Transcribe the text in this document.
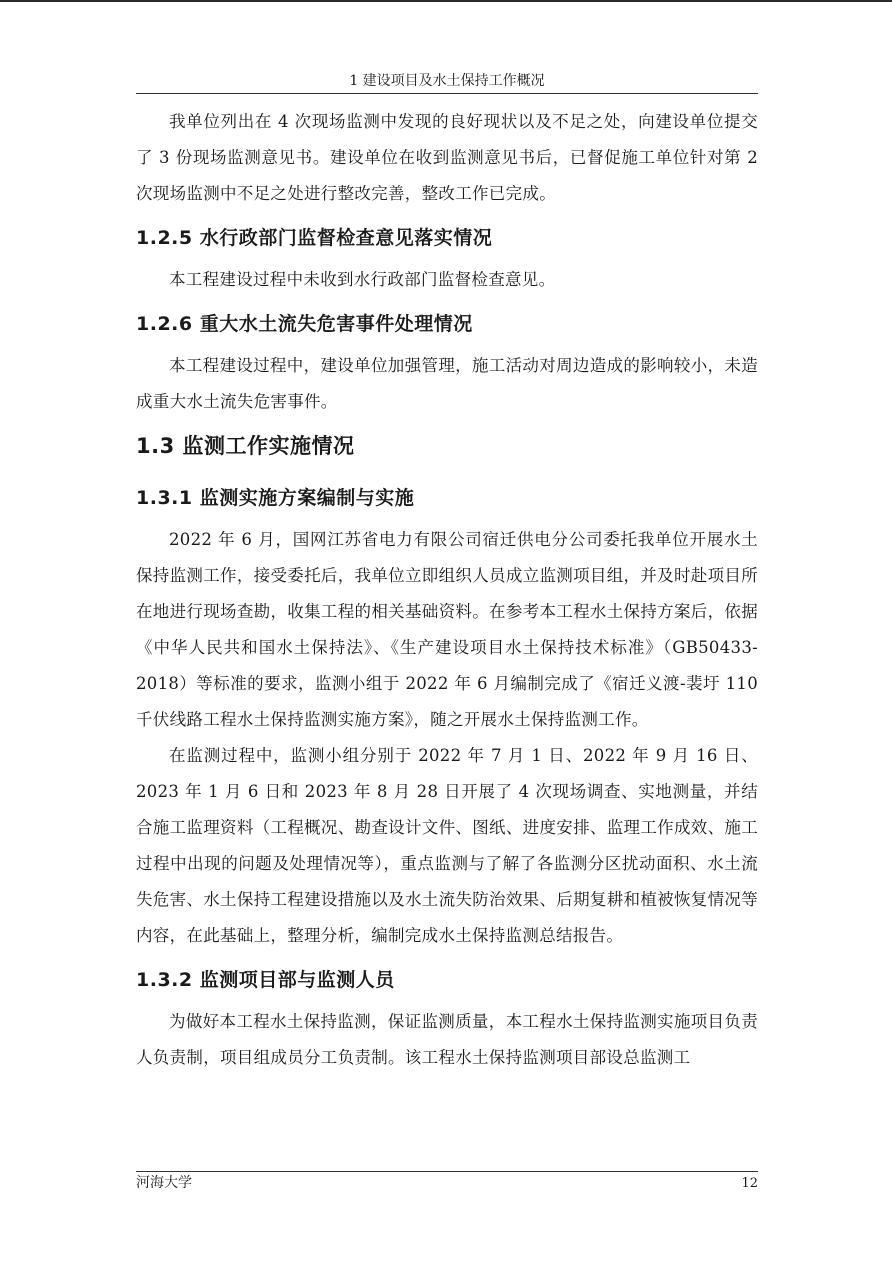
1 建设项目及水土保持工作概况

我单位列出在 4 次现场监测中发现的良好现状以及不足之处，向建设单位提交了 3 份现场监测意见书。建设单位在收到监测意见书后，已督促施工单位针对第 2 次现场监测中不足之处进行整改完善，整改工作已完成。

1.2.5 水行政部门监督检查意见落实情况

本工程建设过程中未收到水行政部门监督检查意见。

1.2.6 重大水土流失危害事件处理情况

本工程建设过程中，建设单位加强管理，施工活动对周边造成的影响较小，未造成重大水土流失危害事件。

1.3 监测工作实施情况
1.3.1 监测实施方案编制与实施

2022 年 6 月，国网江苏省电力有限公司宿迁供电分公司委托我单位开展水土保持监测工作，接受委托后，我单位立即组织人员成立监测项目组，并及时赴项目所在地进行现场查勘，收集工程的相关基础资料。在参考本工程水土保持方案后，依据《中华人民共和国水土保持法》、《生产建设项目水土保持技术标准》（GB50433-2018）等标准的要求，监测小组于 2022 年 6 月编制完成了《宿迁义渡-裴圩 110 千伏线路工程水土保持监测实施方案》，随之开展水土保持监测工作。

在监测过程中，监测小组分别于 2022 年 7 月 1 日、2022 年 9 月 16 日、2023 年 1 月 6 日和 2023 年 8 月 28 日开展了 4 次现场调查、实地测量，并结合施工监理资料（工程概况、勘查设计文件、图纸、进度安排、监理工作成效、施工过程中出现的问题及处理情况等），重点监测与了解了各监测分区扰动面积、水土流失危害、水土保持工程建设措施以及水土流失防治效果、后期复耕和植被恢复情况等内容，在此基础上，整理分析，编制完成水土保持监测总结报告。

1.3.2 监测项目部与监测人员

为做好本工程水土保持监测，保证监测质量，本工程水土保持监测实施项目负责人负责制，项目组成员分工负责制。该工程水土保持监测项目部设总监测工

河海大学	12
